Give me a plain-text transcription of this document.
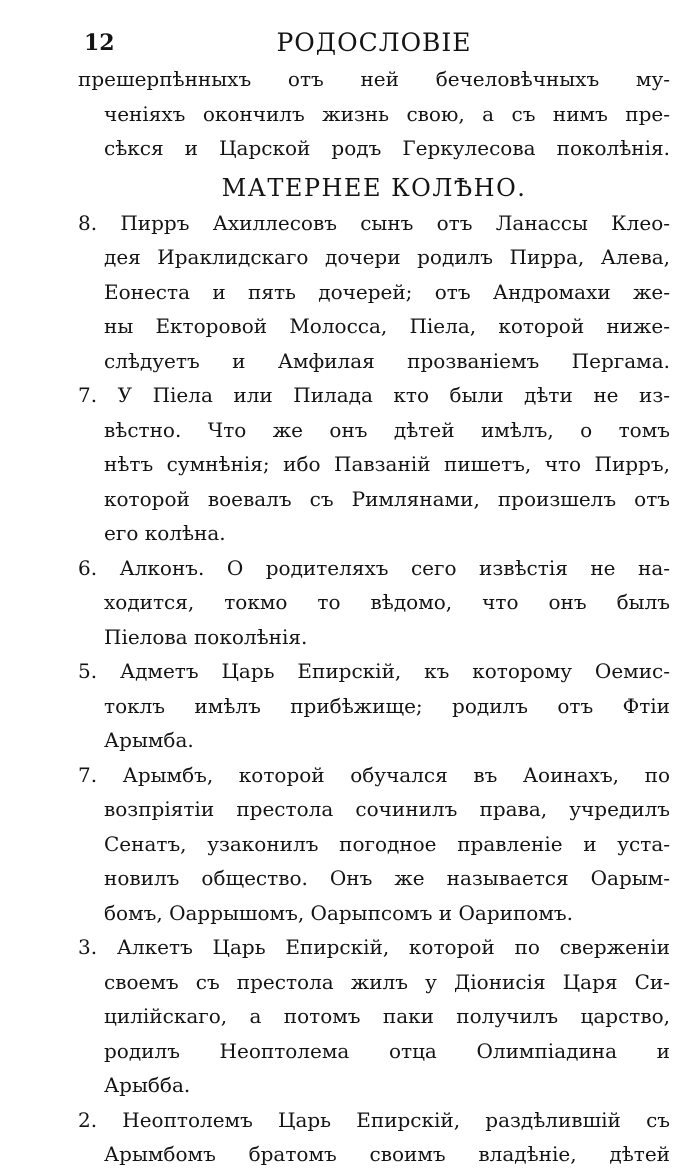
12	РОДОСЛОВІЕ
прешерпѣнныхъ отъ ней бечеловѣчныхъ му-
ченіяхъ окончилъ жизнь свою, а съ нимъ пре-
сѣкся и Царской родъ Геркулесова поколѣнія.
МАТЕРНЕЕ КОЛѢНО.
8. Пирръ Ахиллесовъ сынъ отъ Ланассы Клео-
дея Ираклидскаго дочери родилъ Пирра, Алева,
Еонеста и пять дочерей; отъ Андромахи же-
ны Екторовой Молосса, Піела, которой ниже-
слѣдуетъ и Амфилая прозваніемъ Пергама.
7. У Піела или Пилада кто были дѣти не из-
вѣстно. Что же онъ дѣтей имѣлъ, о томъ
нѣтъ сумнѣнія; ибо Павзаній пишетъ, что Пирръ,
которой воевалъ съ Римлянами, произшелъ отъ
его колѣна.
6. Алконъ. О родителяхъ сего извѣстія не на-
ходится, токмо то вѣдомо, что онъ былъ
Піелова поколѣнія.
5. Адметъ Царь Епирскій, къ которому Оемис-
токлъ имѣлъ прибѣжище; родилъ отъ Фтіи
Арымба.
7. Арымбъ, которой обучался въ Аоинахъ, по
возпріятіи престола сочинилъ права, учредилъ
Сенатъ, узаконилъ погодное правленіе и уста-
новилъ общество. Онъ же называется Оарым-
бомъ, Оаррышомъ, Оарыпсомъ и Оарипомъ.
3. Алкетъ Царь Епирскій, которой по сверженіи
своемъ съ престола жилъ у Діонисія Царя Си-
цилійскаго, а потомъ паки получилъ царство,
родилъ Неоптолема отца Олимпіадина и
Арыбба.
2. Неоптолемъ Царь Епирскій, раздѣлившій съ
Арымбомъ братомъ своимъ владѣніе, дѣтей
